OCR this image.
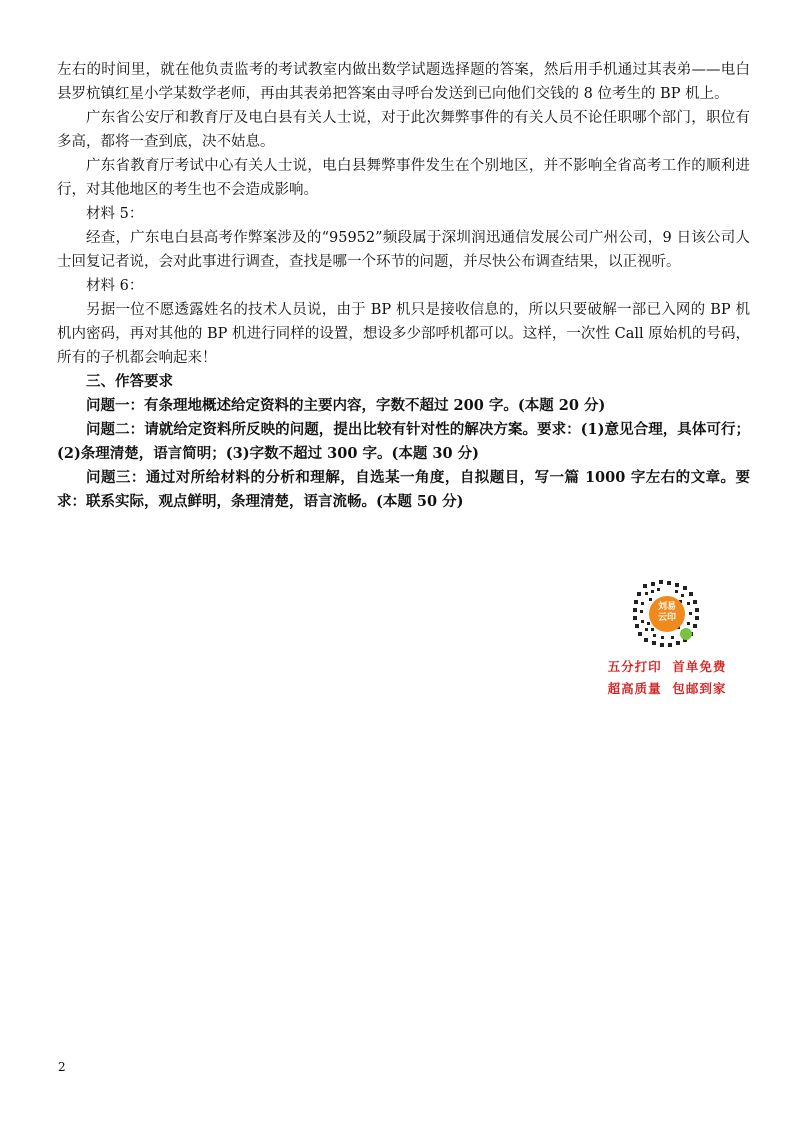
左右的时间里，就在他负责监考的考试教室内做出数学试题选择题的答案，然后用手机通过其表弟——电白县罗杭镇红星小学某数学老师，再由其表弟把答案由寻呼台发送到已向他们交钱的 8 位考生的 BP 机上。

广东省公安厅和教育厅及电白县有关人士说，对于此次舞弊事件的有关人员不论任职哪个部门，职位有多高，都将一查到底，决不姑息。

广东省教育厅考试中心有关人士说，电白县舞弊事件发生在个别地区，并不影响全省高考工作的顺利进行，对其他地区的考生也不会造成影响。

材料 5：

经查，广东电白县高考作弊案涉及的“95952”频段属于深圳润迅通信发展公司广州公司，9 日该公司人士回复记者说，会对此事进行调查，查找是哪一个环节的问题，并尽快公布调查结果，以正视听。

材料 6：

另据一位不愿透露姓名的技术人员说，由于 BP 机只是接收信息的，所以只要破解一部已入网的 BP 机机内密码，再对其他的 BP 机进行同样的设置，想设多少部呼机都可以。这样，一次性 Call 原始机的号码，所有的子机都会响起来！

三、作答要求

问题一：有条理地概述给定资料的主要内容，字数不超过 200 字。(本题 20 分)

问题二：请就给定资料所反映的问题，提出比较有针对性的解决方案。要求：(1)意见合理，具体可行；(2)条理清楚，语言简明；(3)字数不超过 300 字。(本题 30 分)

问题三：通过对所给材料的分析和理解，自选某一角度，自拟题目，写一篇 1000 字左右的文章。要求：联系实际，观点鲜明，条理清楚，语言流畅。(本题 50 分)

刘易
云印
五分打印  首单免费
超高质量  包邮到家
2
